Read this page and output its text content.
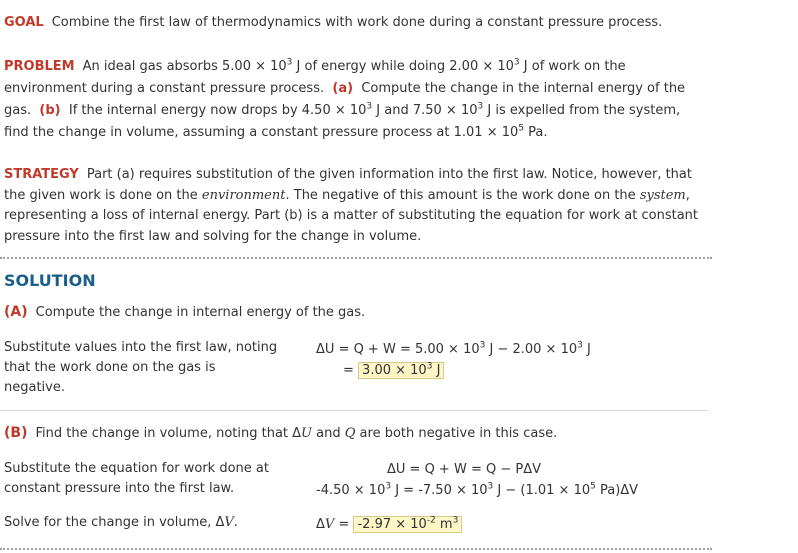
GOAL Combine the first law of thermodynamics with work done during a constant pressure process.
PROBLEM An ideal gas absorbs $5.00 \times 10^3$ J of energy while doing $2.00 \times 10^3$ J of work on the environment during a constant pressure process. (a) Compute the change in the internal energy of the gas. (b) If the internal energy now drops by $4.50 \times 10^3$ J and $7.50 \times 10^3$ J is expelled from the system, find the change in volume, assuming a constant pressure process at $1.01 \times 10^5$ Pa.
STRATEGY Part (a) requires substitution of the given information into the first law. Notice, however, that the given work is done on the environment. The negative of this amount is the work done on the system, representing a loss of internal energy. Part (b) is a matter of substituting the equation for work at constant pressure into the first law and solving for the change in volume.
SOLUTION
(A) Compute the change in internal energy of the gas.
Substitute values into the first law, noting that the work done on the gas is negative.
$\Delta U = Q + W = 5.00 \times 10^3$ $J - 2.00 \times 10^3$ J
= $3.00 \times 10^3$ J
(B) Find the change in volume, noting that ΔU and Q are both negative in this case.
Substitute the equation for work done at constant pressure into the first law.
ΔU = Q + W = Q − PΔV
$-4.50 \times 10^3$ $J = -7.50 \times 10^3$ $J - (1.01 \times 10^5$ Pa)ΔV
Solve for the change in volume, ΔV.	$\Delta V = -2.97 \times 10^{-2}$ $m^3$
